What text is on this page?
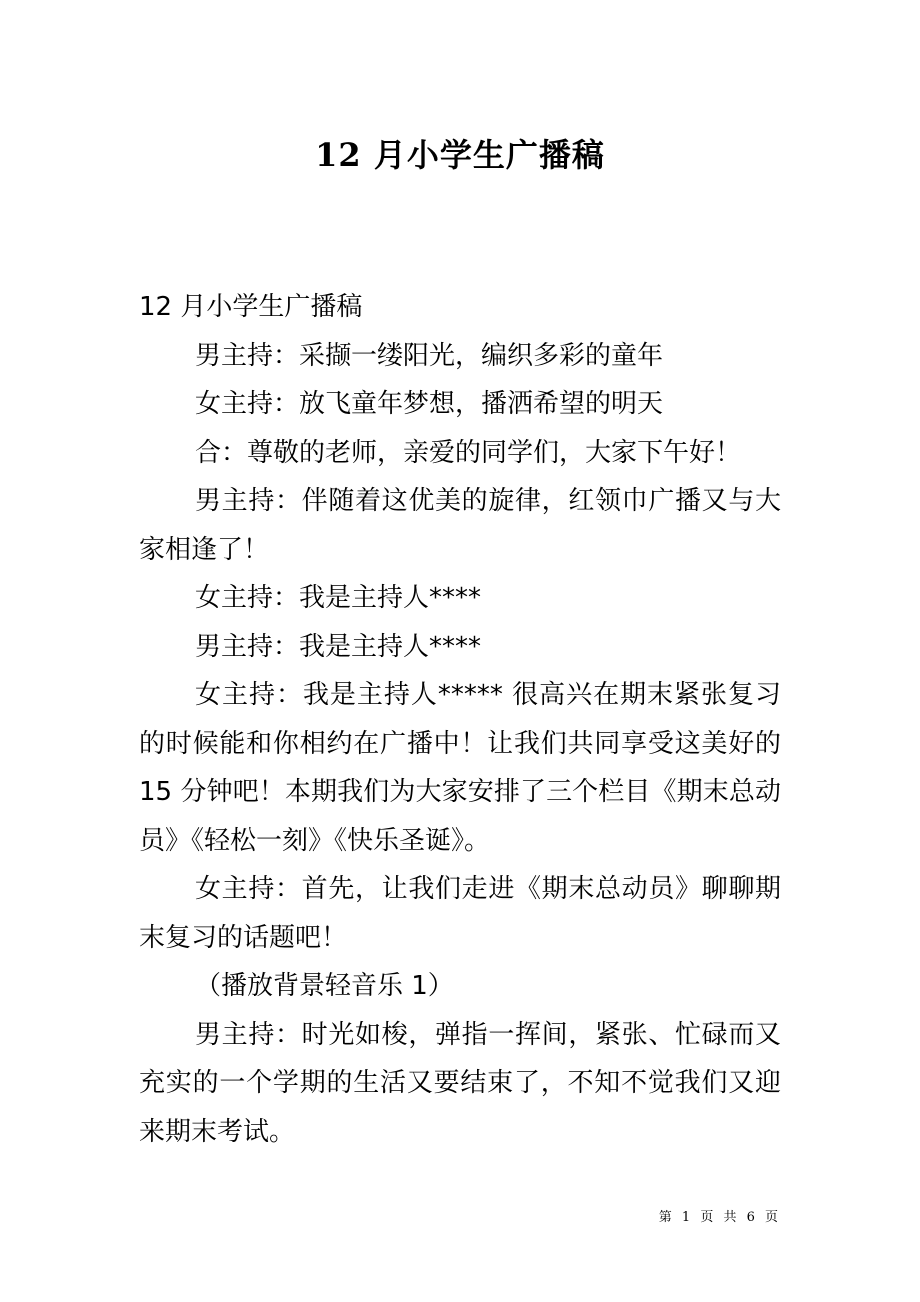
12 月小学生广播稿

12 月小学生广播稿

男主持：采撷一缕阳光，编织多彩的童年

女主持：放飞童年梦想，播洒希望的明天

合：尊敬的老师，亲爱的同学们，大家下午好！

男主持：伴随着这优美的旋律，红领巾广播又与大家相逢了！

女主持：我是主持人****

男主持：我是主持人****

女主持：我是主持人***** 很高兴在期末紧张复习的时候能和你相约在广播中！让我们共同享受这美好的 15 分钟吧！本期我们为大家安排了三个栏目《期末总动员》《轻松一刻》《快乐圣诞》。

女主持：首先，让我们走进《期末总动员》聊聊期末复习的话题吧！

（播放背景轻音乐 1）

男主持：时光如梭，弹指一挥间，紧张、忙碌而又充实的一个学期的生活又要结束了，不知不觉我们又迎来期末考试。

第 1 页 共 6 页
